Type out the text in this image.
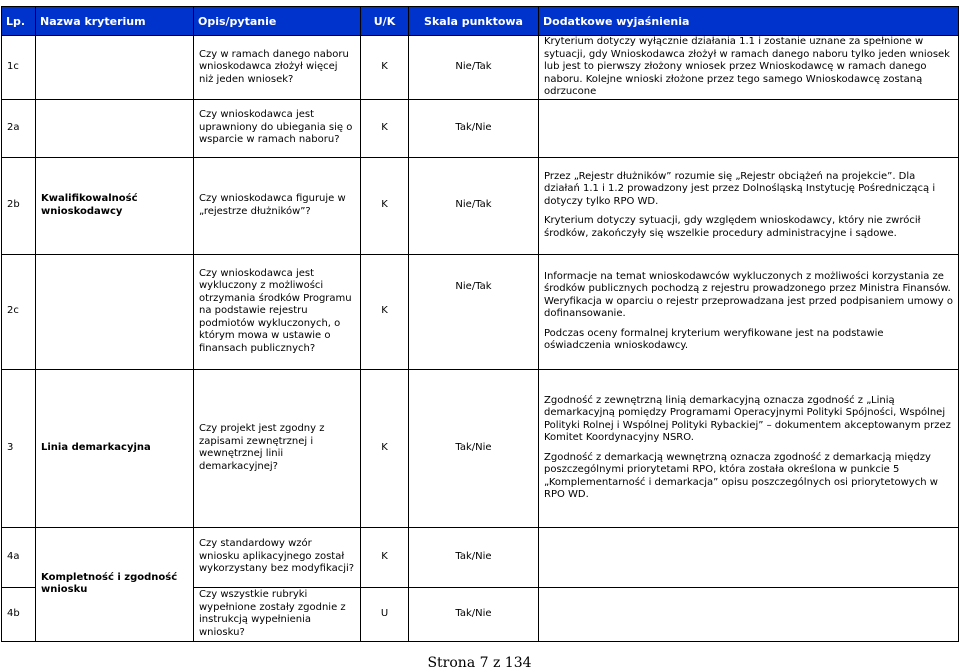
Lp.	Nazwa kryterium	Opis/pytanie	U/K	Skala punktowa	Dodatkowe wyjaśnienia
1c		Czy w ramach danego naboru wnioskodawca złożył więcej niż jeden wniosek?	K	Nie/Tak	Kryterium dotyczy wyłącznie działania 1.1 i zostanie uznane za spełnione w sytuacji, gdy Wnioskodawca złożył w ramach danego naboru tylko jeden wniosek lub jest to pierwszy złożony wniosek przez Wnioskodawcę w ramach danego naboru. Kolejne wnioski złożone przez tego samego Wnioskodawcę zostaną odrzucone

2a		Czy wnioskodawca jest uprawniony do ubiegania się o wsparcie w ramach naboru?	K	Tak/Nie	
2b	Kwalifikowalność wnioskodawcy	Czy wnioskodawca figuruje w „rejestrze dłużników”?	K	Nie/Tak	Przez „Rejestr dłużników” rozumie się „Rejestr obciążeń na projekcie”. Dla działań 1.1 i 1.2 prowadzony jest przez Dolnośląską Instytucję Pośredniczącą i dotyczy tylko RPO WD.

Kryterium dotyczy sytuacji, gdy względem wnioskodawcy, który nie zwrócił środków, zakończyły się wszelkie procedury administracyjne i sądowe.

2c		Czy wnioskodawca jest wykluczony z możliwości otrzymania środków Programu na podstawie rejestru podmiotów wykluczonych, o którym mowa w ustawie o finansach publicznych?	K	Nie/Tak	Informacje na temat wnioskodawców wykluczonych z możliwości korzystania ze środków publicznych pochodzą z rejestru prowadzonego przez Ministra Finansów. Weryfikacja w oparciu o rejestr przeprowadzana jest przed podpisaniem umowy o dofinansowanie.

Podczas oceny formalnej kryterium weryfikowane jest na podstawie oświadczenia wnioskodawcy.

3	Linia demarkacyjna	Czy projekt jest zgodny z zapisami zewnętrznej i wewnętrznej linii demarkacyjnej?	K	Tak/Nie	Zgodność z zewnętrzną linią demarkacyjną oznacza zgodność z „Linią demarkacyjną pomiędzy Programami Operacyjnymi Polityki Spójności, Wspólnej Polityki Rolnej i Wspólnej Polityki Rybackiej” – dokumentem akceptowanym przez Komitet Koordynacyjny NSRO.

Zgodność z demarkacją wewnętrzną oznacza zgodność z demarkacją między poszczególnymi priorytetami RPO, która została określona w punkcie 5 „Komplementarność i demarkacja” opisu poszczególnych osi priorytetowych w RPO WD.

4a	Kompletność i zgodność wniosku	Czy standardowy wzór wniosku aplikacyjnego został wykorzystany bez modyfikacji?	K	Tak/Nie	
4b		Czy wszystkie rubryki wypełnione zostały zgodnie z instrukcją wypełnienia wniosku?	U	Tak/Nie	
Strona 7 z 134
